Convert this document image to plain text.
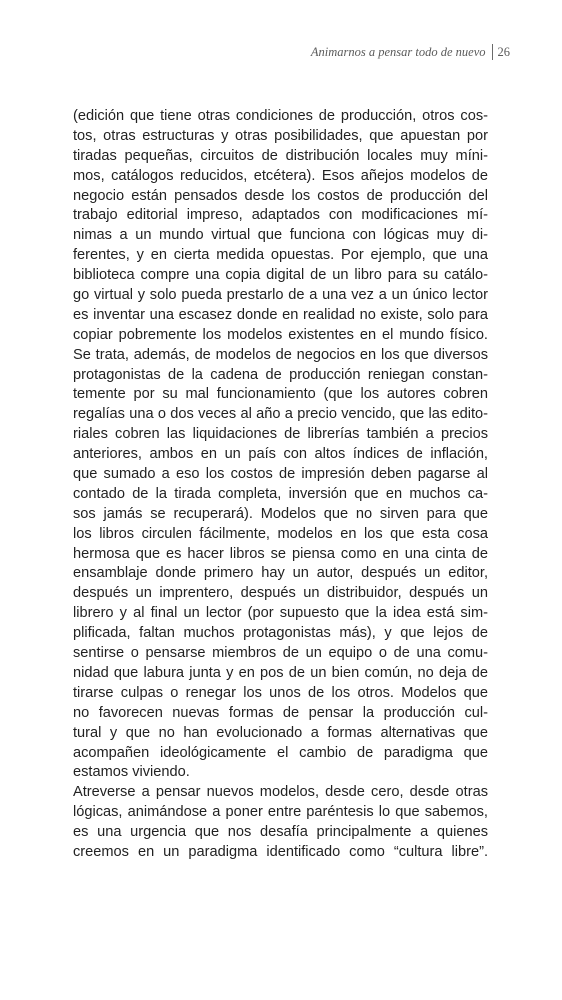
Animarnos a pensar todo de nuevo 26
(edición que tiene otras condiciones de producción, otros cos-
tos, otras estructuras y otras posibilidades, que apuestan por
tiradas pequeñas, circuitos de distribución locales muy míni-
mos, catálogos reducidos, etcétera). Esos añejos modelos de
negocio están pensados desde los costos de producción del
trabajo editorial impreso, adaptados con modificaciones mí-
nimas a un mundo virtual que funciona con lógicas muy di-
ferentes, y en cierta medida opuestas. Por ejemplo, que una
biblioteca compre una copia digital de un libro para su catálo-
go virtual y solo pueda prestarlo de a una vez a un único lector
es inventar una escasez donde en realidad no existe, solo para
copiar pobremente los modelos existentes en el mundo físico.
Se trata, además, de modelos de negocios en los que diversos
protagonistas de la cadena de producción reniegan constan-
temente por su mal funcionamiento (que los autores cobren
regalías una o dos veces al año a precio vencido, que las edito-
riales cobren las liquidaciones de librerías también a precios
anteriores, ambos en un país con altos índices de inflación,
que sumado a eso los costos de impresión deben pagarse al
contado de la tirada completa, inversión que en muchos ca-
sos jamás se recuperará). Modelos que no sirven para que
los libros circulen fácilmente, modelos en los que esta cosa
hermosa que es hacer libros se piensa como en una cinta de
ensamblaje donde primero hay un autor, después un editor,
después un imprentero, después un distribuidor, después un
librero y al final un lector (por supuesto que la idea está sim-
plificada, faltan muchos protagonistas más), y que lejos de
sentirse o pensarse miembros de un equipo o de una comu-
nidad que labura junta y en pos de un bien común, no deja de
tirarse culpas o renegar los unos de los otros. Modelos que
no favorecen nuevas formas de pensar la producción cul-
tural y que no han evolucionado a formas alternativas que
acompañen ideológicamente el cambio de paradigma que
estamos viviendo.
Atreverse a pensar nuevos modelos, desde cero, desde otras
lógicas, animándose a poner entre paréntesis lo que sabemos,
es una urgencia que nos desafía principalmente a quienes
creemos en un paradigma identificado como “cultura libre”.
